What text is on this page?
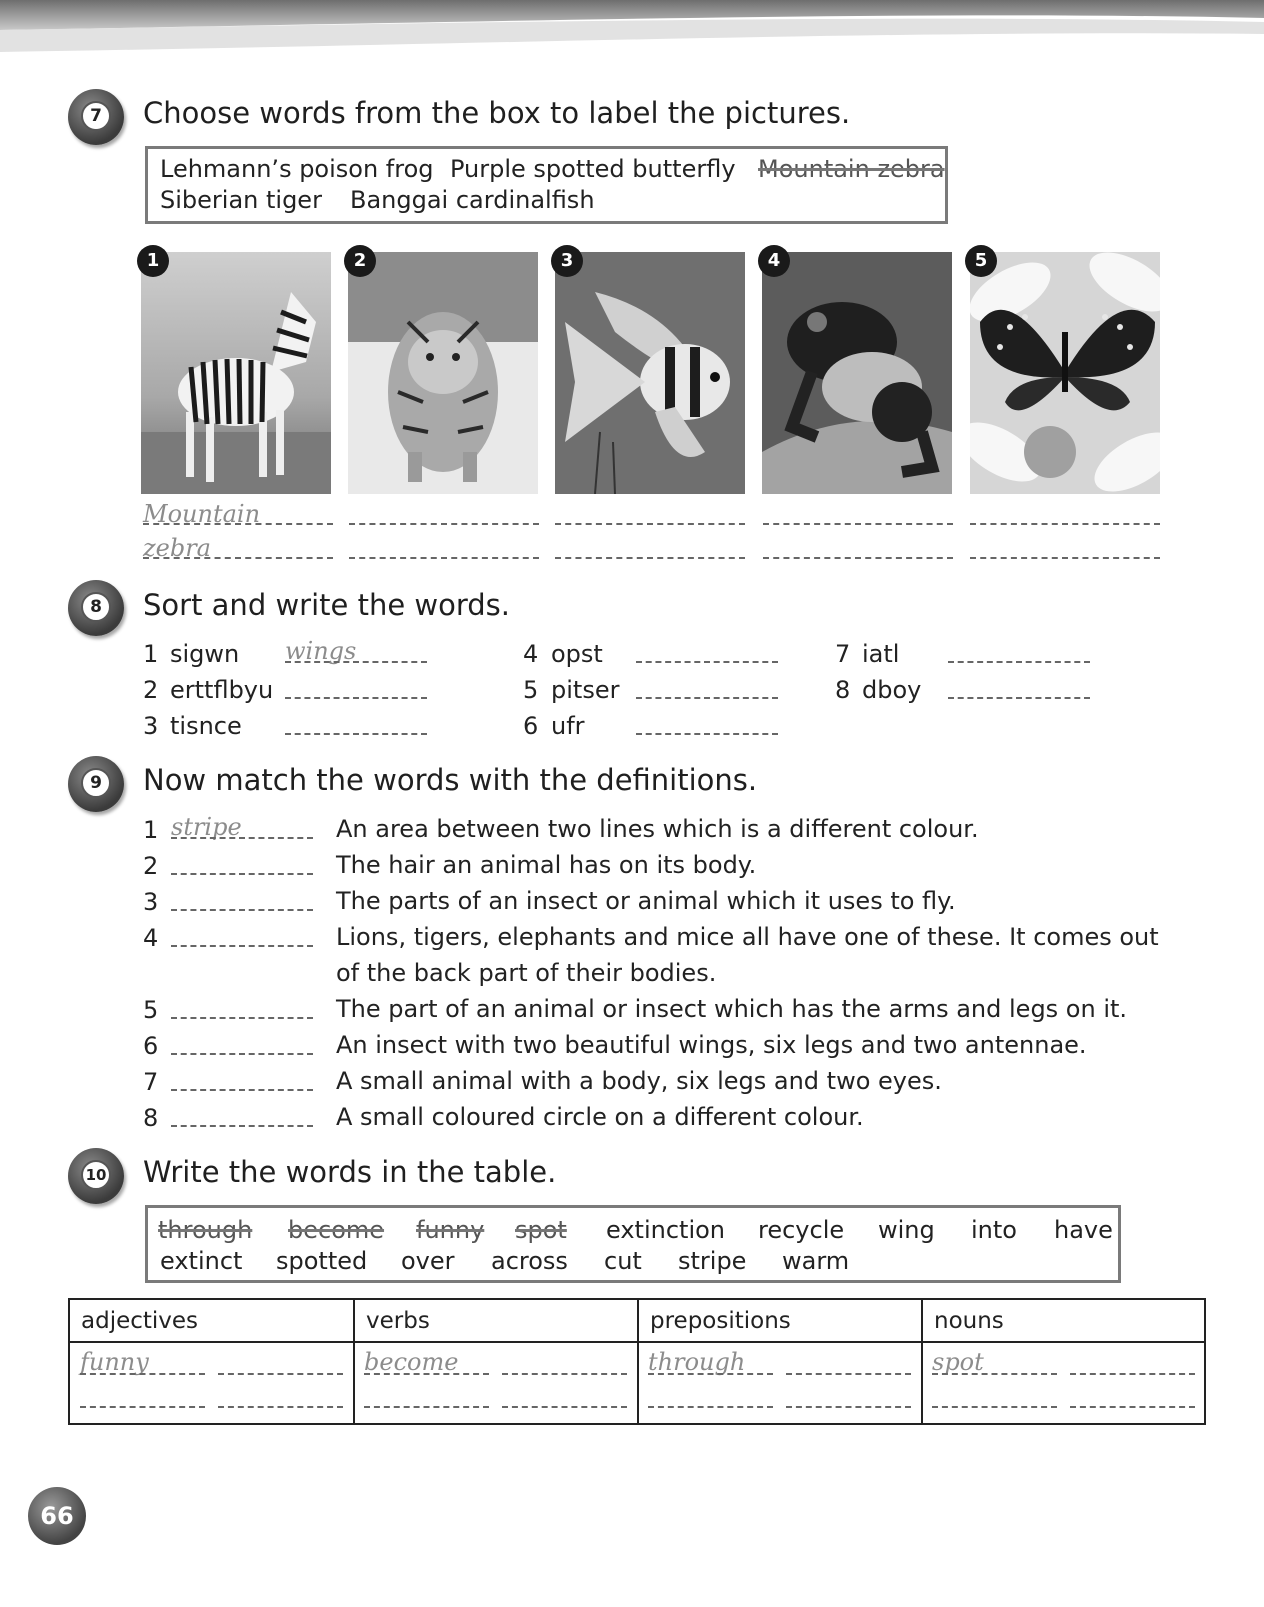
7	Choose words from the box to label the pictures.
Lehmann’s poison frog Purple spotted butterfly Mountain zebra
Siberian tiger Banggai cardinalfish
1	2	3	4	5
Mountain
zebra
8	Sort and write the words.
1 sigwn wings
2 erttflbyu
3 tisnce
4 opst
5 pitser
6 ufr
7 iatl
8 dboy
9	Now match the words with the definitions.
1 stripe	An area between two lines which is a different colour.
2	The hair an animal has on its body.
3	The parts of an insect or animal which it uses to fly.
4	Lions, tigers, elephants and mice all have one of these. It comes out of the back part of their bodies.
5	The part of an animal or insect which has the arms and legs on it.
6	An insect with two beautiful wings, six legs and two antennae.
7	A small animal with a body, six legs and two eyes.
8	A small coloured circle on a different colour.
10 Write the words in the table.
through become funny spot extinction recycle wing into have
extinct spotted over across cut stripe warm
adjectives	verbs	prepositions	nouns
funny	become	through	spot
66
